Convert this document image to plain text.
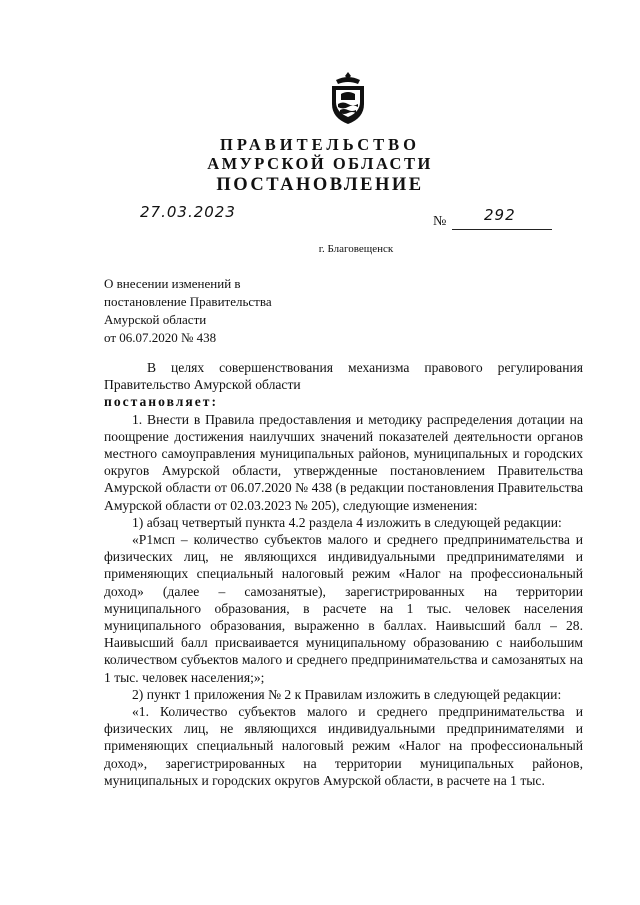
ПРАВИТЕЛЬСТВО
АМУРСКОЙ ОБЛАСТИ
ПОСТАНОВЛЕНИЕ
27.03.2023
№	292
г. Благовещенск
О внесении изменений в
постановление Правительства
Амурской области
от 06.07.2020 № 438

В целях совершенствования механизма правового регулирования Правительство Амурской области

постановляет:

1. Внести в Правила предоставления и методику распределения дотации на поощрение достижения наилучших значений показателей деятельности органов местного самоуправления муниципальных районов, муниципальных и городских округов Амурской области, утвержденные постановлением Правительства Амурской области от 06.07.2020 № 438 (в редакции постановления Правительства Амурской области от 02.03.2023 № 205), следующие изменения:

1) абзац четвертый пункта 4.2 раздела 4 изложить в следующей редакции:

«P1мсп – количество субъектов малого и среднего предпринимательства и физических лиц, не являющихся индивидуальными предпринимателями и применяющих специальный налоговый режим «Налог на профессиональный доход» (далее – самозанятые), зарегистрированных на территории муниципального образования, в расчете на 1 тыс. человек населения муниципального образования, выраженно в баллах. Наивысший балл – 28. Наивысший балл присваивается муниципальному образованию с наибольшим количеством субъектов малого и среднего предпринимательства и самозанятых на 1 тыс. человек населения;»;

2) пункт 1 приложения № 2 к Правилам изложить в следующей редакции:

«1. Количество субъектов малого и среднего предпринимательства и физических лиц, не являющихся индивидуальными предпринимателями и применяющих специальный налоговый режим «Налог на профессиональный доход», зарегистрированных на территории муниципальных районов, муниципальных и городских округов Амурской области, в расчете на 1 тыс.
